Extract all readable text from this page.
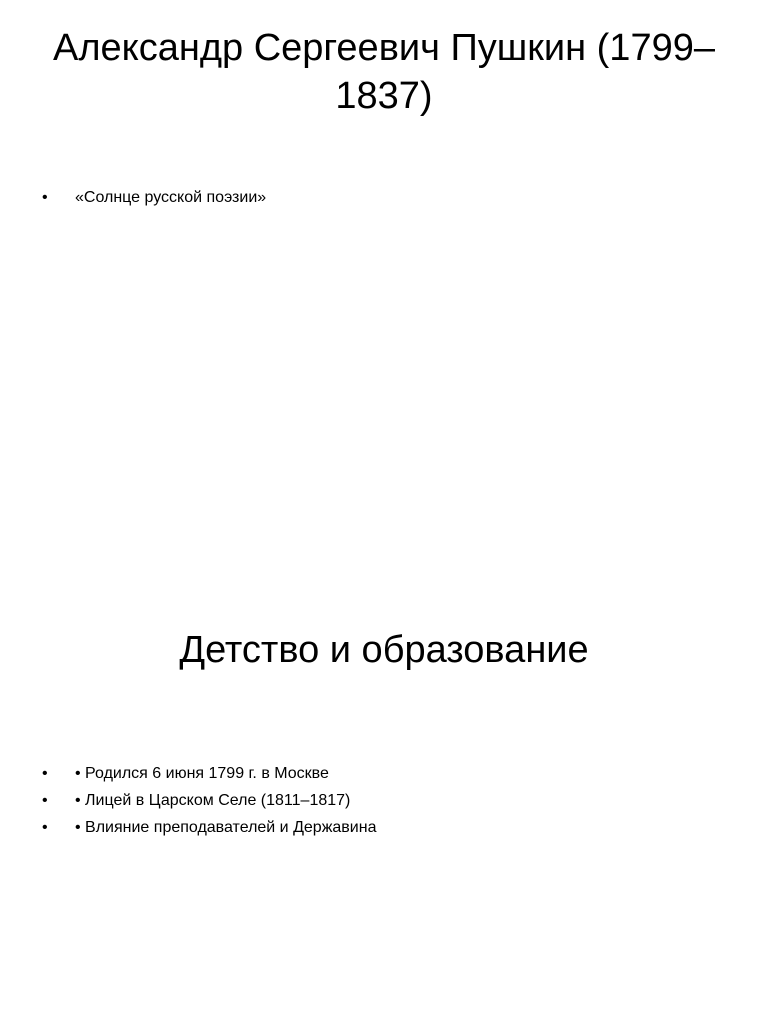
Александр Сергеевич Пушкин (1799–1837)
•	«Солнце русской поэзии»
Детство и образование
•	• Родился 6 июня 1799 г. в Москве
•	• Лицей в Царском Селе (1811–1817)
•	• Влияние преподавателей и Державина
